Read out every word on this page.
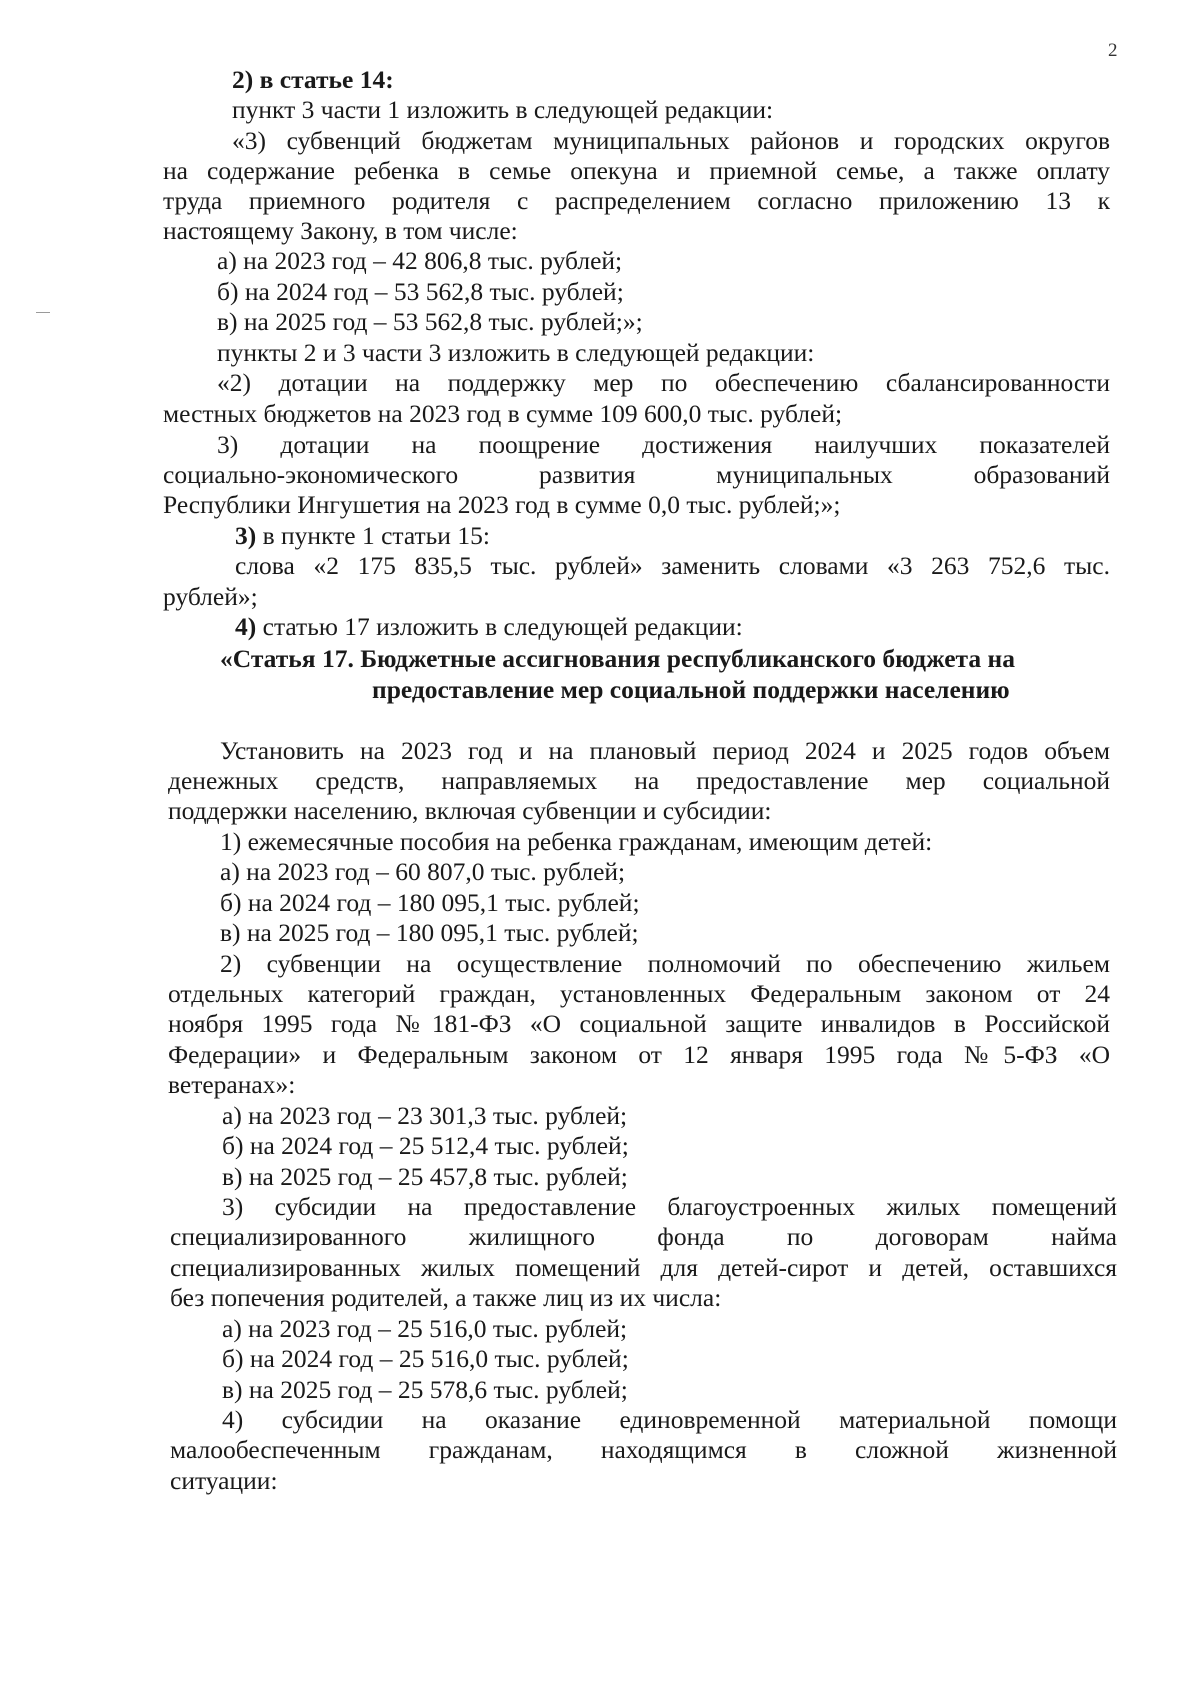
2

2) в статье 14:

пункт 3 части 1 изложить в следующей редакции:

«3) субвенций бюджетам муниципальных районов и городских округов

на содержание ребенка в семье опекуна и приемной семье, а также оплату

труда приемного родителя с распределением согласно приложению 13 к

настоящему Закону, в том числе:

а) на 2023 год – 42 806,8 тыс. рублей;

б) на 2024 год – 53 562,8 тыс. рублей;

в) на 2025 год – 53 562,8 тыс. рублей;»;

пункты 2 и 3 части 3 изложить в следующей редакции:

«2) дотации на поддержку мер по обеспечению сбалансированности

местных бюджетов на 2023 год в сумме 109 600,0 тыс. рублей;

3) дотации на поощрение достижения наилучших показателей

социально-экономического развития муниципальных образований

Республики Ингушетия на 2023 год в сумме 0,0 тыс. рублей;»;

3) в пункте 1 статьи 15:

слова «2 175 835,5 тыс. рублей» заменить словами «3 263 752,6 тыс.

рублей»;

4) статью 17 изложить в следующей редакции:

«Статья 17. Бюджетные ассигнования республиканского бюджета на

предоставление мер социальной поддержки населению

Установить на 2023 год и на плановый период 2024 и 2025 годов объем

денежных средств, направляемых на предоставление мер социальной

поддержки населению, включая субвенции и субсидии:

1) ежемесячные пособия на ребенка гражданам, имеющим детей:

а) на 2023 год – 60 807,0 тыс. рублей;

б) на 2024 год – 180 095,1 тыс. рублей;

в) на 2025 год – 180 095,1 тыс. рублей;

2) субвенции на осуществление полномочий по обеспечению жильем

отдельных категорий граждан, установленных Федеральным законом от 24

ноября 1995 года №181-ФЗ «О социальной защите инвалидов в Российской

Федерации» и Федеральным законом от 12 января 1995 года №5-ФЗ «О

ветеранах»:

а) на 2023 год – 23 301,3 тыс. рублей;

б) на 2024 год – 25 512,4 тыс. рублей;

в) на 2025 год – 25 457,8 тыс. рублей;

3) субсидии на предоставление благоустроенных жилых помещений

специализированного жилищного фонда по договорам найма

специализированных жилых помещений для детей-сирот и детей, оставшихся

без попечения родителей, а также лиц из их числа:

а) на 2023 год – 25 516,0 тыс. рублей;

б) на 2024 год – 25 516,0 тыс. рублей;

в) на 2025 год – 25 578,6 тыс. рублей;

4) субсидии на оказание единовременной материальной помощи

малообеспеченным гражданам, находящимся в сложной жизненной

ситуации:
